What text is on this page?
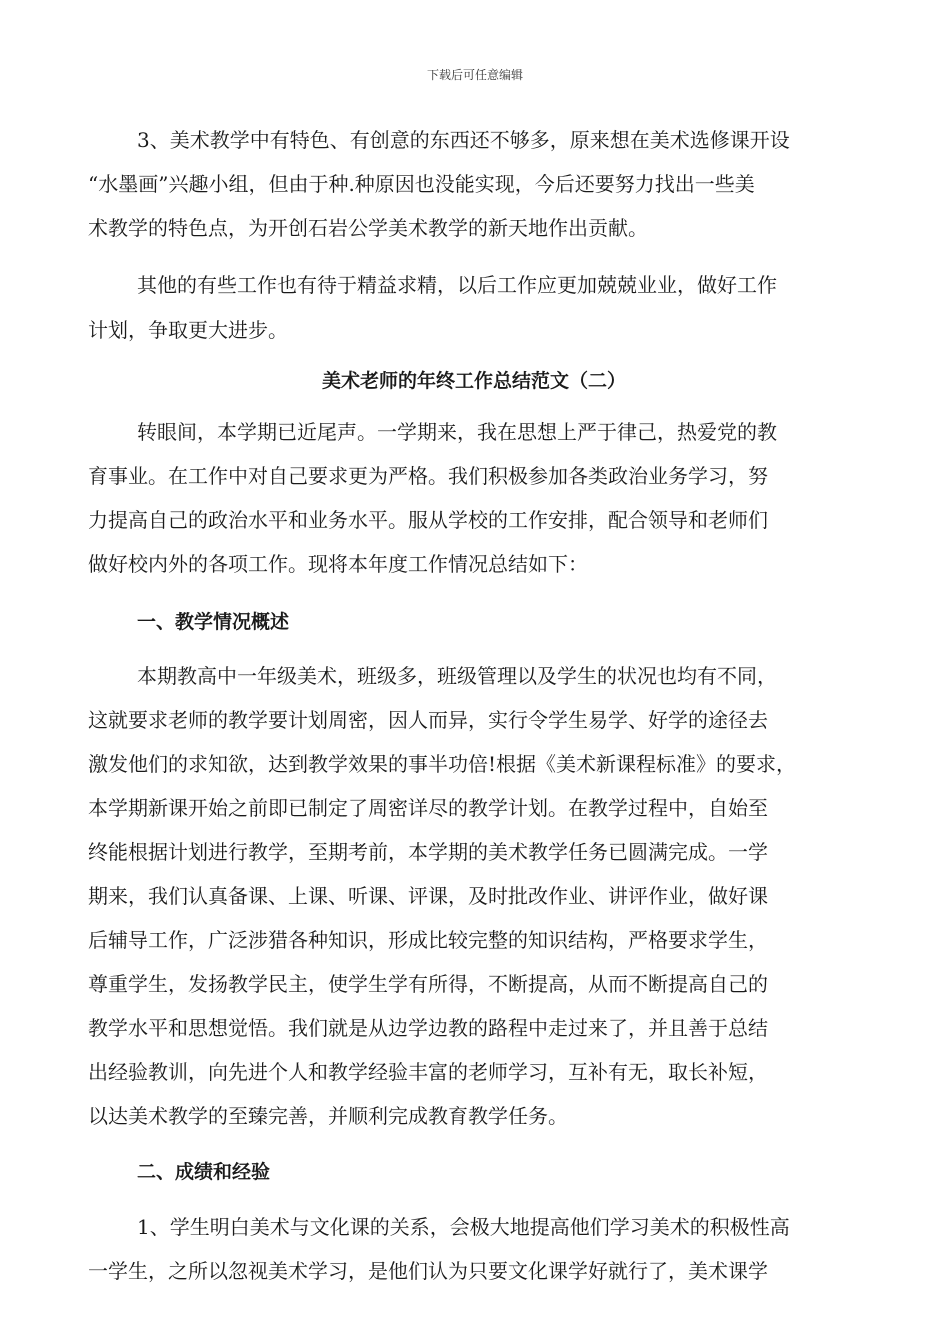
下载后可任意编辑
3、美术教学中有特色、有创意的东西还不够多，原来想在美术选修课开设
“水墨画”兴趣小组，但由于种.种原因也没能实现，今后还要努力找出一些美
术教学的特色点，为开创石岩公学美术教学的新天地作出贡献。
其他的有些工作也有待于精益求精，以后工作应更加兢兢业业，做好工作
计划，争取更大进步。
美术老师的年终工作总结范文（二）
转眼间，本学期已近尾声。一学期来，我在思想上严于律己，热爱党的教
育事业。在工作中对自己要求更为严格。我们积极参加各类政治业务学习，努
力提高自己的政治水平和业务水平。服从学校的工作安排，配合领导和老师们
做好校内外的各项工作。现将本年度工作情况总结如下：
一、教学情况概述
本期教高中一年级美术，班级多，班级管理以及学生的状况也均有不同，
这就要求老师的教学要计划周密，因人而异，实行令学生易学、好学的途径去
激发他们的求知欲，达到教学效果的事半功倍!根据《美术新课程标准》的要求，
本学期新课开始之前即已制定了周密详尽的教学计划。在教学过程中，自始至
终能根据计划进行教学，至期考前，本学期的美术教学任务已圆满完成。一学
期来，我们认真备课、上课、听课、评课，及时批改作业、讲评作业，做好课
后辅导工作，广泛涉猎各种知识，形成比较完整的知识结构，严格要求学生，
尊重学生，发扬教学民主，使学生学有所得，不断提高，从而不断提高自己的
教学水平和思想觉悟。我们就是从边学边教的路程中走过来了，并且善于总结
出经验教训，向先进个人和教学经验丰富的老师学习，互补有无，取长补短，
以达美术教学的至臻完善，并顺利完成教育教学任务。
二、成绩和经验
1、学生明白美术与文化课的关系，会极大地提高他们学习美术的积极性高
一学生，之所以忽视美术学习，是他们认为只要文化课学好就行了，美术课学
